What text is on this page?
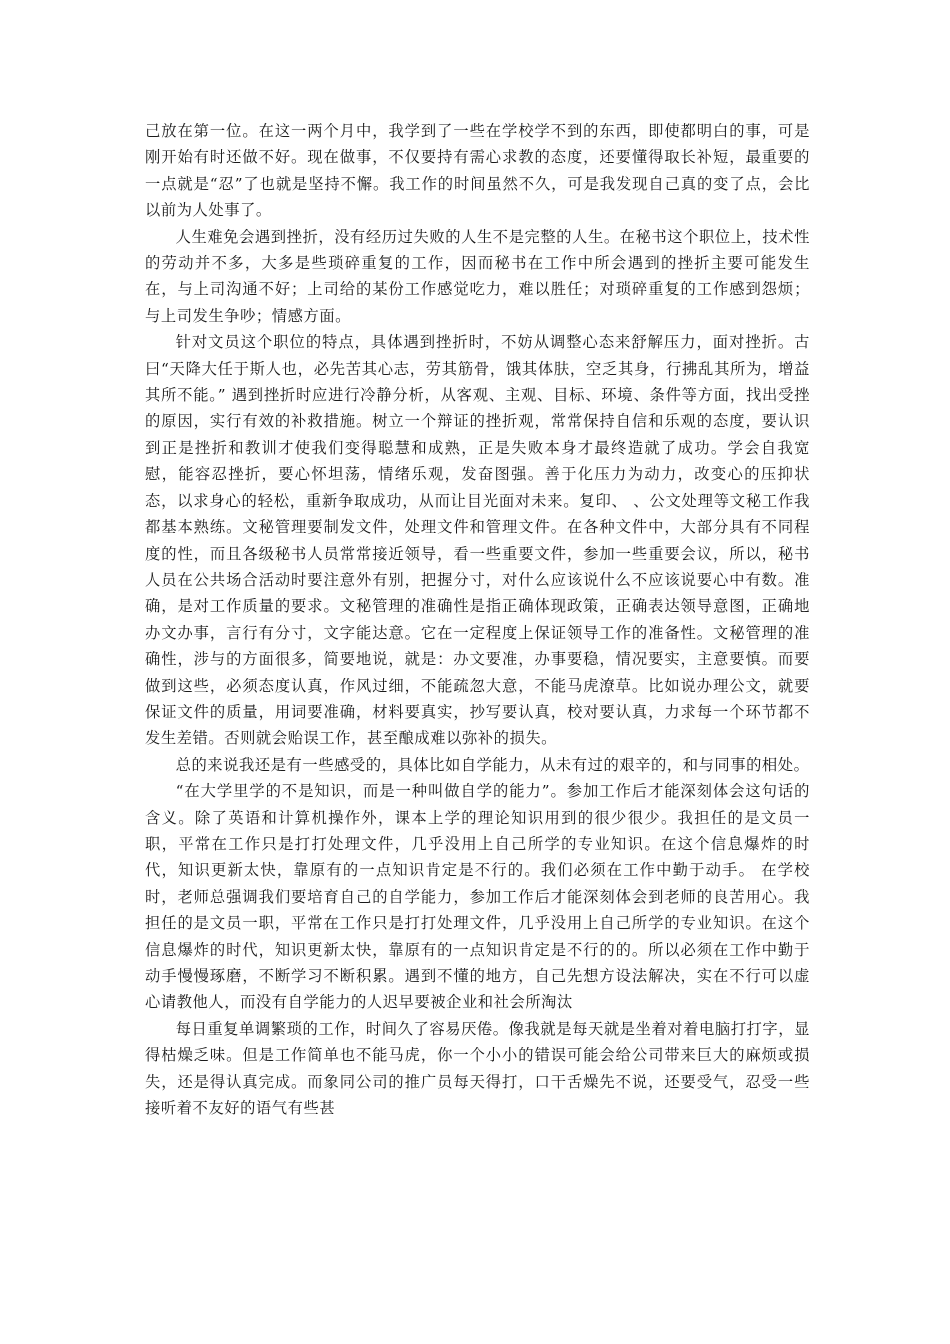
己放在第一位。在这一两个月中，我学到了一些在学校学不到的东西，即使都明白的事，可是刚开始有时还做不好。现在做事，不仅要持有需心求教的态度，还要懂得取长补短，最重要的一点就是“忍”了也就是坚持不懈。我工作的时间虽然不久，可是我发现自己真的变了点，会比以前为人处事了。

人生难免会遇到挫折，没有经历过失败的人生不是完整的人生。在秘书这个职位上，技术性的劳动并不多，大多是些琐碎重复的工作，因而秘书在工作中所会遇到的挫折主要可能发生在，与上司沟通不好；上司给的某份工作感觉吃力，难以胜任；对琐碎重复的工作感到怨烦；与上司发生争吵；情感方面。

针对文员这个职位的特点，具体遇到挫折时，不妨从调整心态来舒解压力，面对挫折。古曰“天降大任于斯人也，必先苦其心志，劳其筋骨，饿其体肤，空乏其身，行拂乱其所为，增益其所不能。” 遇到挫折时应进行冷静分析，从客观、主观、目标、环境、条件等方面，找出受挫的原因，实行有效的补救措施。树立一个辩证的挫折观，常常保持自信和乐观的态度，要认识到正是挫折和教训才使我们变得聪慧和成熟，正是失败本身才最终造就了成功。学会自我宽慰，能容忍挫折，要心怀坦荡，情绪乐观，发奋图强。善于化压力为动力，改变心的压抑状态，以求身心的轻松，重新争取成功，从而让目光面对未来。复印、 、公文处理等文秘工作我都基本熟练。文秘管理要制发文件，处理文件和管理文件。在各种文件中，大部分具有不同程度的性，而且各级秘书人员常常接近领导，看一些重要文件，参加一些重要会议，所以，秘书人员在公共场合活动时要注意外有别，把握分寸，对什么应该说什么不应该说要心中有数。准确，是对工作质量的要求。文秘管理的准确性是指正确体现政策，正确表达领导意图，正确地办文办事，言行有分寸，文字能达意。它在一定程度上保证领导工作的准备性。文秘管理的准确性，涉与的方面很多，简要地说，就是：办文要准，办事要稳，情况要实，主意要慎。而要做到这些，必须态度认真，作风过细，不能疏忽大意，不能马虎潦草。比如说办理公文，就要保证文件的质量，用词要准确，材料要真实，抄写要认真，校对要认真，力求每一个环节都不发生差错。否则就会贻误工作，甚至酿成难以弥补的损失。

总的来说我还是有一些感受的，具体比如自学能力，从未有过的艰辛的，和与同事的相处。

“在大学里学的不是知识，而是一种叫做自学的能力”。参加工作后才能深刻体会这句话的含义。除了英语和计算机操作外，课本上学的理论知识用到的很少很少。我担任的是文员一职，平常在工作只是打打处理文件，几乎没用上自己所学的专业知识。在这个信息爆炸的时代，知识更新太快，靠原有的一点知识肯定是不行的。我们必须在工作中勤于动手。 在学校时，老师总强调我们要培育自己的自学能力，参加工作后才能深刻体会到老师的良苦用心。我担任的是文员一职，平常在工作只是打打处理文件，几乎没用上自己所学的专业知识。在这个信息爆炸的时代，知识更新太快，靠原有的一点知识肯定是不行的的。所以必须在工作中勤于动手慢慢琢磨，不断学习不断积累。遇到不懂的地方，自己先想方设法解决，实在不行可以虚心请教他人，而没有自学能力的人迟早要被企业和社会所淘汰

每日重复单调繁琐的工作，时间久了容易厌倦。像我就是每天就是坐着对着电脑打打字，显得枯燥乏味。但是工作简单也不能马虎，你一个小小的错误可能会给公司带来巨大的麻烦或损失，还是得认真完成。而象同公司的推广员每天得打，口干舌燥先不说，还要受气，忍受一些接听着不友好的语气有些甚
